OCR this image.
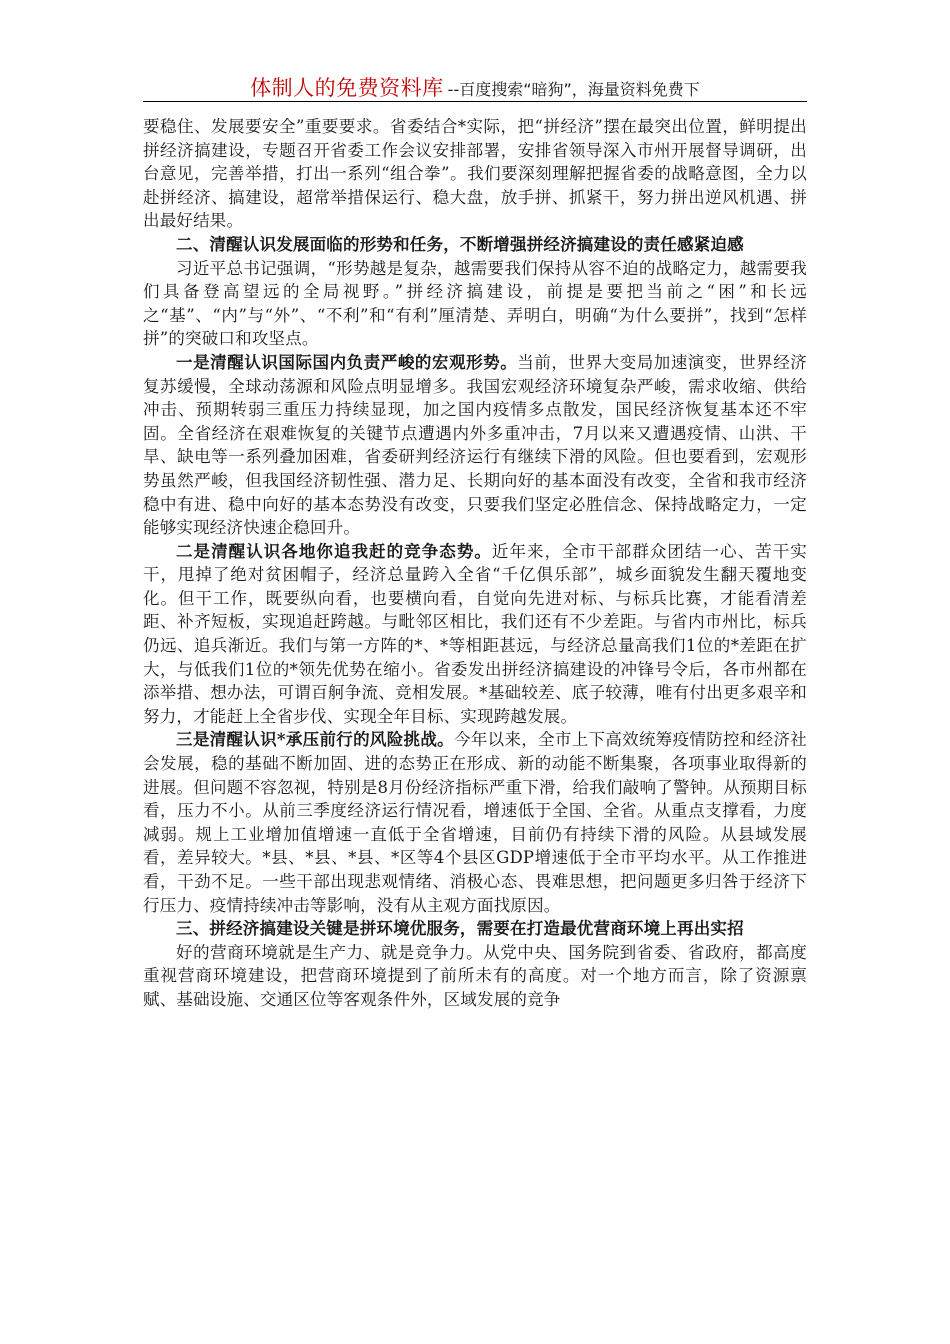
体制人的免费资料库 --百度搜索“暗狗”，海量资料免费下

要稳住、发展要安全”重要要求。省委结合*实际，把“拼经济”摆在最突出位置，鲜明提出拼经济搞建设，专题召开省委工作会议安排部署，安排省领导深入市州开展督导调研，出台意见，完善举措，打出一系列“组合拳”。我们要深刻理解把握省委的战略意图，全力以赴拼经济、搞建设，超常举措保运行、稳大盘，放手拼、抓紧干，努力拼出逆风机遇、拼出最好结果。

二、清醒认识发展面临的形势和任务，不断增强拼经济搞建设的责任感紧迫感

习近平总书记强调，“形势越是复杂，越需要我们保持从容不迫的战略定力，越需要我们具备登高望远的全局视野。”拼经济搞建设，前提是要把当前之“困”和长远之“基”、“内”与“外”、“不利”和“有利”厘清楚、弄明白，明确“为什么要拼”，找到“怎样拼”的突破口和攻坚点。

一是清醒认识国际国内负责严峻的宏观形势。当前，世界大变局加速演变，世界经济复苏缓慢，全球动荡源和风险点明显增多。我国宏观经济环境复杂严峻，需求收缩、供给冲击、预期转弱三重压力持续显现，加之国内疫情多点散发，国民经济恢复基本还不牢固。全省经济在艰难恢复的关键节点遭遇内外多重冲击，7月以来又遭遇疫情、山洪、干旱、缺电等一系列叠加困难，省委研判经济运行有继续下滑的风险。但也要看到，宏观形势虽然严峻，但我国经济韧性强、潜力足、长期向好的基本面没有改变，全省和我市经济稳中有进、稳中向好的基本态势没有改变，只要我们坚定必胜信念、保持战略定力，一定能够实现经济快速企稳回升。

二是清醒认识各地你追我赶的竞争态势。近年来，全市干部群众团结一心、苦干实干，甩掉了绝对贫困帽子，经济总量跨入全省“千亿俱乐部”，城乡面貌发生翻天覆地变化。但干工作，既要纵向看，也要横向看，自觉向先进对标、与标兵比赛，才能看清差距、补齐短板，实现追赶跨越。与毗邻区相比，我们还有不少差距。与省内市州比，标兵仍远、追兵渐近。我们与第一方阵的*、*等相距甚远，与经济总量高我们1位的*差距在扩大，与低我们1位的*领先优势在缩小。省委发出拼经济搞建设的冲锋号令后，各市州都在添举措、想办法，可谓百舸争流、竞相发展。*基础较差、底子较薄，唯有付出更多艰辛和努力，才能赶上全省步伐、实现全年目标、实现跨越发展。

三是清醒认识*承压前行的风险挑战。今年以来，全市上下高效统筹疫情防控和经济社会发展，稳的基础不断加固、进的态势正在形成、新的动能不断集聚，各项事业取得新的进展。但问题不容忽视，特别是8月份经济指标严重下滑，给我们敲响了警钟。从预期目标看，压力不小。从前三季度经济运行情况看，增速低于全国、全省。从重点支撑看，力度减弱。规上工业增加值增速一直低于全省增速，目前仍有持续下滑的风险。从县域发展看，差异较大。*县、*县、*县、*区等4个县区GDP增速低于全市平均水平。从工作推进看，干劲不足。一些干部出现悲观情绪、消极心态、畏难思想，把问题更多归咎于经济下行压力、疫情持续冲击等影响，没有从主观方面找原因。

三、拼经济搞建设关键是拼环境优服务，需要在打造最优营商环境上再出实招

好的营商环境就是生产力、就是竞争力。从党中央、国务院到省委、省政府，都高度重视营商环境建设，把营商环境提到了前所未有的高度。对一个地方而言，除了资源禀赋、基础设施、交通区位等客观条件外，区域发展的竞争
